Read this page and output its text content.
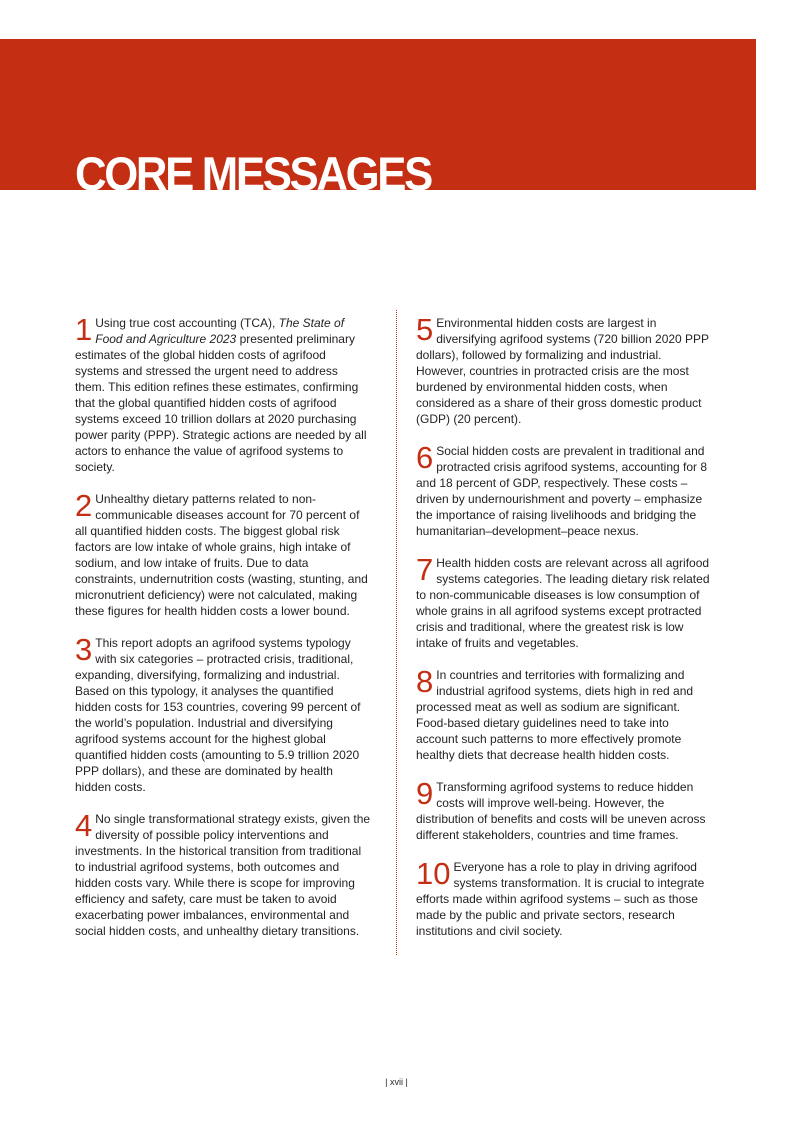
CORE MESSAGES

1 Using true cost accounting (TCA), The State of Food and Agriculture 2023 presented preliminary estimates of the global hidden costs of agrifood systems and stressed the urgent need to address them. This edition refines these estimates, confirming that the global quantified hidden costs of agrifood systems exceed 10 trillion dollars at 2020 purchasing power parity (PPP). Strategic actions are needed by all actors to enhance the value of agrifood systems to society.

2 Unhealthy dietary patterns related to non-communicable diseases account for 70 percent of all quantified hidden costs. The biggest global risk factors are low intake of whole grains, high intake of sodium, and low intake of fruits. Due to data constraints, undernutrition costs (wasting, stunting, and micronutrient deficiency) were not calculated, making these figures for health hidden costs a lower bound.

3 This report adopts an agrifood systems typology with six categories – protracted crisis, traditional, expanding, diversifying, formalizing and industrial. Based on this typology, it analyses the quantified hidden costs for 153 countries, covering 99 percent of the world’s population. Industrial and diversifying agrifood systems account for the highest global quantified hidden costs (amounting to 5.9 trillion 2020 PPP dollars), and these are dominated by health hidden costs.

4 No single transformational strategy exists, given the diversity of possible policy interventions and investments. In the historical transition from traditional to industrial agrifood systems, both outcomes and hidden costs vary. While there is scope for improving efficiency and safety, care must be taken to avoid exacerbating power imbalances, environmental and social hidden costs, and unhealthy dietary transitions.

5 Environmental hidden costs are largest in diversifying agrifood systems (720 billion 2020 PPP dollars), followed by formalizing and industrial. However, countries in protracted crisis are the most burdened by environmental hidden costs, when considered as a share of their gross domestic product (GDP) (20 percent).

6 Social hidden costs are prevalent in traditional and protracted crisis agrifood systems, accounting for 8 and 18 percent of GDP, respectively. These costs – driven by undernourishment and poverty – emphasize the importance of raising livelihoods and bridging the humanitarian–development–peace nexus.

7 Health hidden costs are relevant across all agrifood systems categories. The leading dietary risk related to non-communicable diseases is low consumption of whole grains in all agrifood systems except protracted crisis and traditional, where the greatest risk is low intake of fruits and vegetables.

8 In countries and territories with formalizing and industrial agrifood systems, diets high in red and processed meat as well as sodium are significant. Food-based dietary guidelines need to take into account such patterns to more effectively promote healthy diets that decrease health hidden costs.

9 Transforming agrifood systems to reduce hidden costs will improve well-being. However, the distribution of benefits and costs will be uneven across different stakeholders, countries and time frames.

10 Everyone has a role to play in driving agrifood systems transformation. It is crucial to integrate efforts made within agrifood systems – such as those made by the public and private sectors, research institutions and civil society.

| xvii |
